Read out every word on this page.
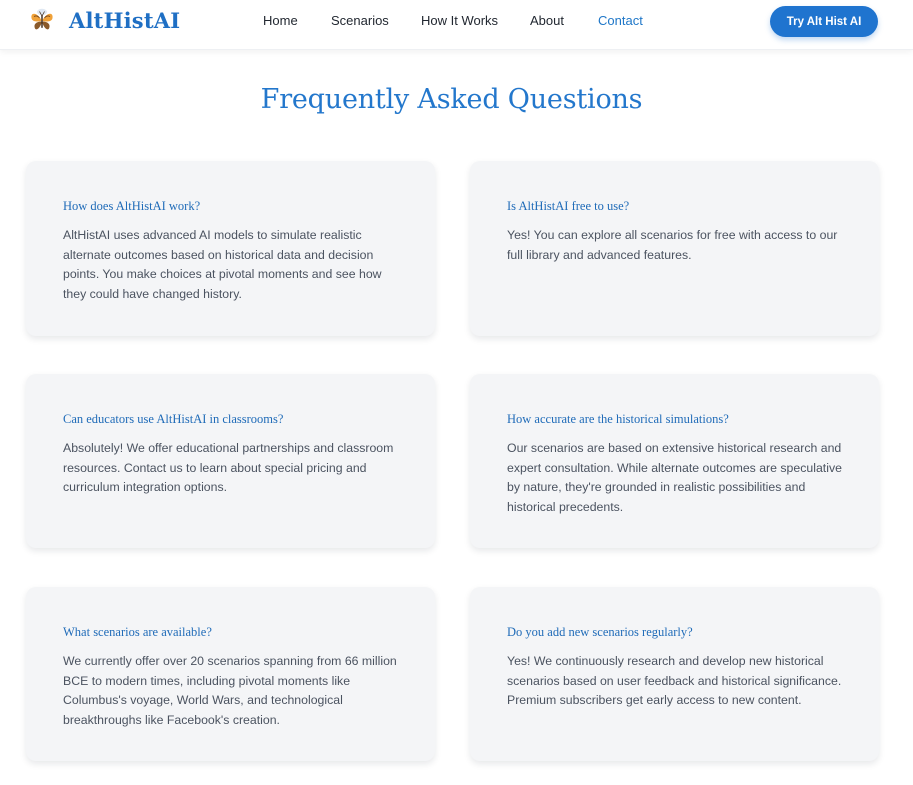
AltHistAI	Home	Scenarios How It Works About	Contact	Try Alt Hist AI
Frequently Asked Questions
How does AltHistAI work?

AltHistAI uses advanced AI models to simulate realistic alternate outcomes based on historical data and decision points. You make choices at pivotal moments and see how they could have changed history.

Is AltHistAI free to use?

Yes! You can explore all scenarios for free with access to our full library and advanced features.

Can educators use AltHistAI in classrooms?

Absolutely! We offer educational partnerships and classroom resources. Contact us to learn about special pricing and curriculum integration options.

How accurate are the historical simulations?

Our scenarios are based on extensive historical research and expert consultation. While alternate outcomes are speculative by nature, they're grounded in realistic possibilities and historical precedents.

What scenarios are available?

We currently offer over 20 scenarios spanning from 66 million BCE to modern times, including pivotal moments like Columbus's voyage, World Wars, and technological breakthroughs like Facebook's creation.

Do you add new scenarios regularly?

Yes! We continuously research and develop new historical scenarios based on user feedback and historical significance. Premium subscribers get early access to new content.
